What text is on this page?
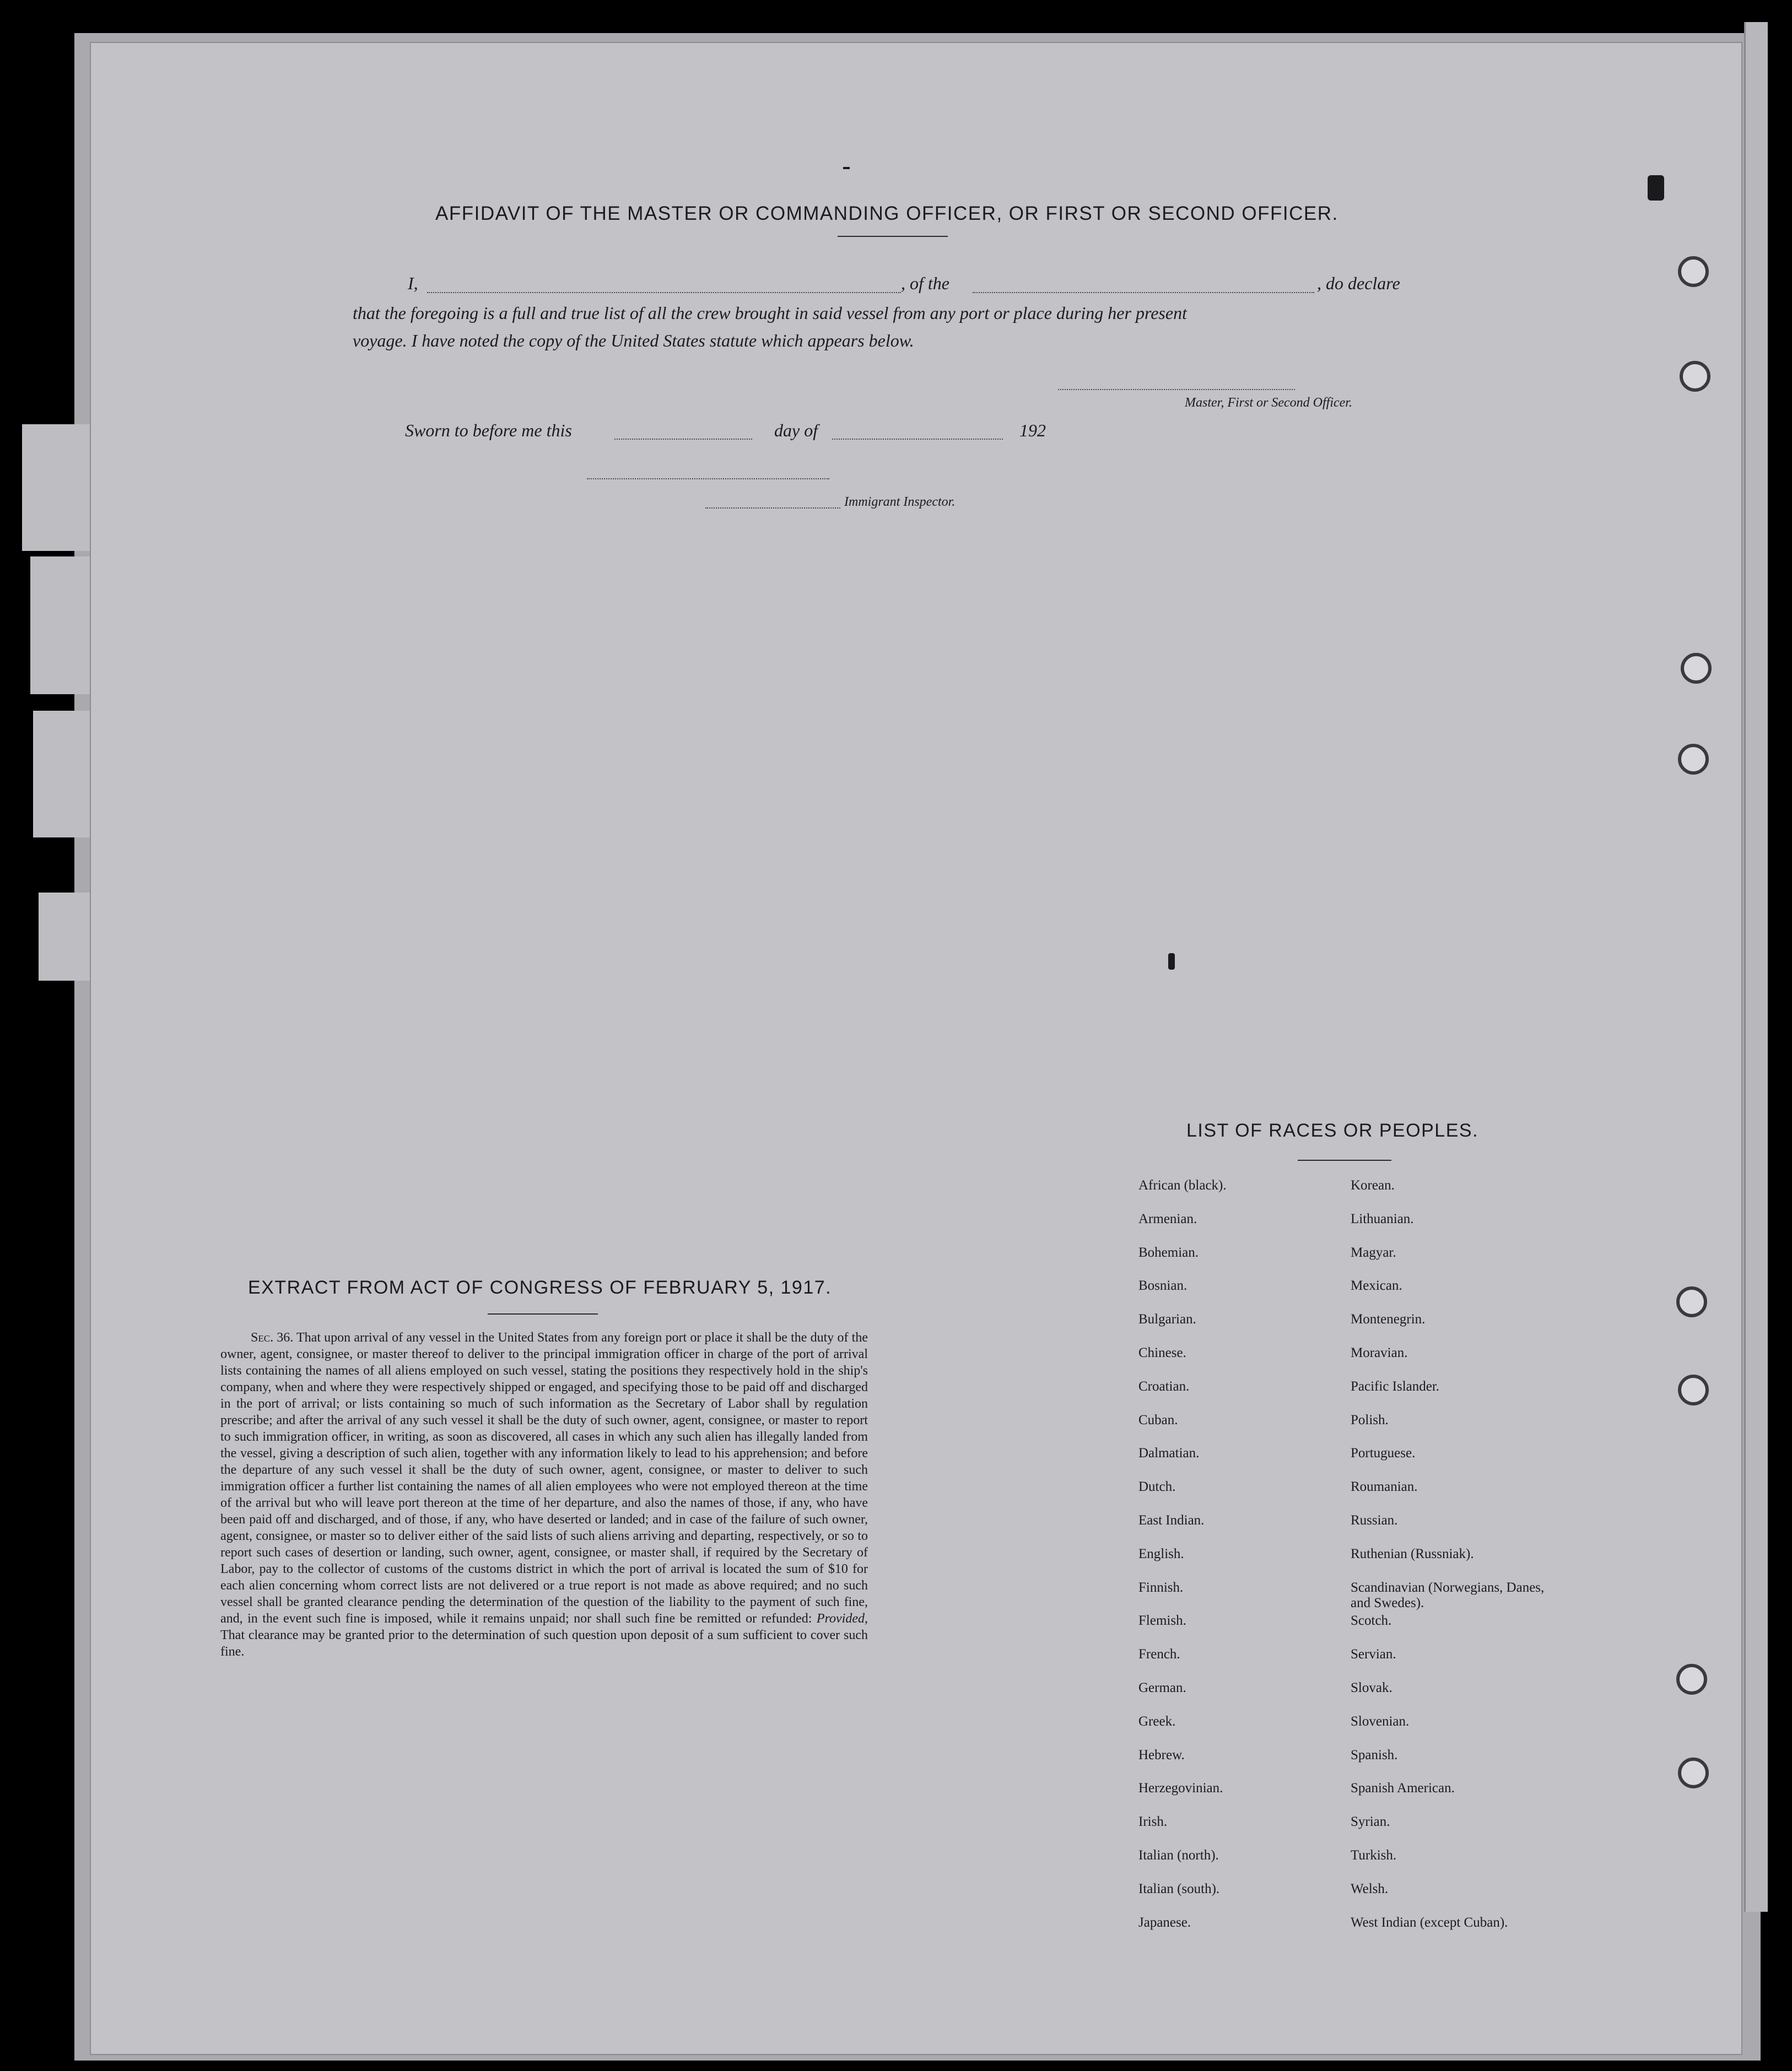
AFFIDAVIT OF THE MASTER OR COMMANDING OFFICER, OR FIRST OR SECOND OFFICER.
I,	, of the	, do declare
that the foregoing is a full and true list of all the crew brought in said vessel from any port or place during her present
voyage. I have noted the copy of the United States statute which appears below.
Master, First or Second Officer.
Sworn to before me this	day of	192
Immigrant Inspector.
EXTRACT FROM ACT OF CONGRESS OF FEBRUARY 5, 1917.
LIST OF RACES OR PEOPLES.
Sec. 36. That upon arrival of any vessel in the United States from any foreign port or place it shall be the duty of the owner, agent, consignee, or master thereof to deliver to the principal immigration officer in charge of the port of arrival lists containing the names of all aliens employed on such vessel, stating the positions they respectively hold in the ship's company, when and where they were respectively shipped or engaged, and specifying those to be paid off and discharged in the port of arrival; or lists containing so much of such information as the Secretary of Labor shall by regulation prescribe; and after the arrival of any such vessel it shall be the duty of such owner, agent, consignee, or master to report to such immigration officer, in writing, as soon as discovered, all cases in which any such alien has illegally landed from the vessel, giving a description of such alien, together with any information likely to lead to his apprehension; and before the departure of any such vessel it shall be the duty of such owner, agent, consignee, or master to deliver to such immigration officer a further list containing the names of all alien employees who were not employed thereon at the time of the arrival but who will leave port thereon at the time of her departure, and also the names of those, if any, who have been paid off and discharged, and of those, if any, who have deserted or landed; and in case of the failure of such owner, agent, consignee, or master so to deliver either of the said lists of such aliens arriving and departing, respectively, or so to report such cases of desertion or landing, such owner, agent, consignee, or master shall, if required by the Secretary of Labor, pay to the collector of customs of the customs district in which the port of arrival is located the sum of $10 for each alien concerning whom correct lists are not delivered or a true report is not made as above required; and no such vessel shall be granted clearance pending the determination of the question of the liability to the payment of such fine, and, in the event such fine is imposed, while it remains unpaid; nor shall such fine be remitted or refunded: Provided, That clearance may be granted prior to the determination of such question upon deposit of a sum sufficient to cover such fine.
African (black).	Korean.
Armenian.	Lithuanian.
Bohemian.	Magyar.
Bosnian.	Mexican.
Bulgarian.	Montenegrin.
Chinese.	Moravian.
Croatian.	Pacific Islander.
Cuban.	Polish.
Dalmatian.	Portuguese.
Dutch.	Roumanian.
East Indian.	Russian.
English.	Ruthenian (Russniak).
Finnish.	Scandinavian (Norwegians, Danes, and Swedes).
Flemish.	Scotch.
French.	Servian.
German.	Slovak.
Greek.	Slovenian.
Hebrew.	Spanish.
Herzegovinian.	Spanish American.
Irish.	Syrian.
Italian (north).	Turkish.
Italian (south).	Welsh.
Japanese.	West Indian (except Cuban).
